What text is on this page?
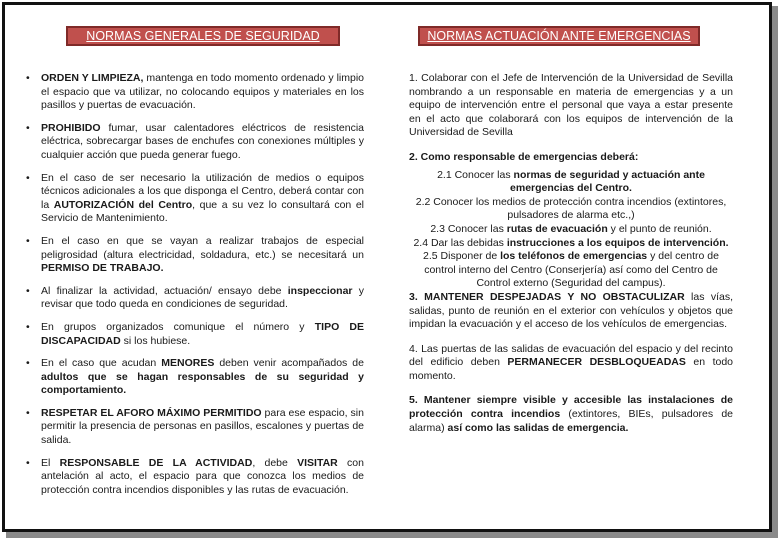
NORMAS GENERALES DE SEGURIDAD	NORMAS ACTUACIÓN ANTE EMERGENCIAS
• ORDEN Y LIMPIEZA, mantenga en todo momento ordenado y limpio el espacio que va utilizar, no colocando equipos y materiales en los pasillos y puertas de evacuación.
• PROHIBIDO fumar, usar calentadores eléctricos de resistencia eléctrica, sobrecargar bases de enchufes con conexiones múltiples y cualquier acción que pueda generar fuego.
• En el caso de ser necesario la utilización de medios o equipos técnicos adicionales a los que disponga el Centro, deberá contar con la AUTORIZACIÓN del Centro, que a su vez lo consultará con el Servicio de Mantenimiento.
• En el caso en que se vayan a realizar trabajos de especial peligrosidad (altura electricidad, soldadura, etc.) se necesitará un PERMISO DE TRABAJO.
• Al finalizar la actividad, actuación/ ensayo debe inspeccionar y revisar que todo queda en condiciones de seguridad.
• En grupos organizados comunique el número y TIPO DE DISCAPACIDAD si los hubiese.
• En el caso que acudan MENORES deben venir acompañados de adultos que se hagan responsables de su seguridad y comportamiento.
• RESPETAR EL AFORO MÁXIMO PERMITIDO para ese espacio, sin permitir la presencia de personas en pasillos, escalones y puertas de salida.
• El RESPONSABLE DE LA ACTIVIDAD, debe VISITAR con antelación al acto, el espacio para que conozca los medios de protección contra incendios disponibles y las rutas de evacuación.
1. Colaborar con el Jefe de Intervención de la Universidad de Sevilla nombrando a un responsable en materia de emergencias y a un equipo de intervención entre el personal que vaya a estar presente en el acto que colaborará con los equipos de intervención de la Universidad de Sevilla
2. Como responsable de emergencias deberá:

2.1 Conocer las normas de seguridad y actuación ante emergencias del Centro.

2.2 Conocer los medios de protección contra incendios (extintores, pulsadores de alarma etc.,)

2.3 Conocer las rutas de evacuación y el punto de reunión.

2.4 Dar las debidas instrucciones a los equipos de intervención.

2.5 Disponer de los teléfonos de emergencias y del centro de control interno del Centro (Conserjería) así como del Centro de Control externo (Seguridad del campus).

3. MANTENER DESPEJADAS Y NO OBSTACULIZAR las vías, salidas, punto de reunión en el exterior con vehículos y objetos que impidan la evacuación y el acceso de los vehículos de emergencias.
4. Las puertas de las salidas de evacuación del espacio y del recinto del edificio deben PERMANECER DESBLOQUEADAS en todo momento.
5. Mantener siempre visible y accesible las instalaciones de protección contra incendios (extintores, BIEs, pulsadores de alarma) así como las salidas de emergencia.
